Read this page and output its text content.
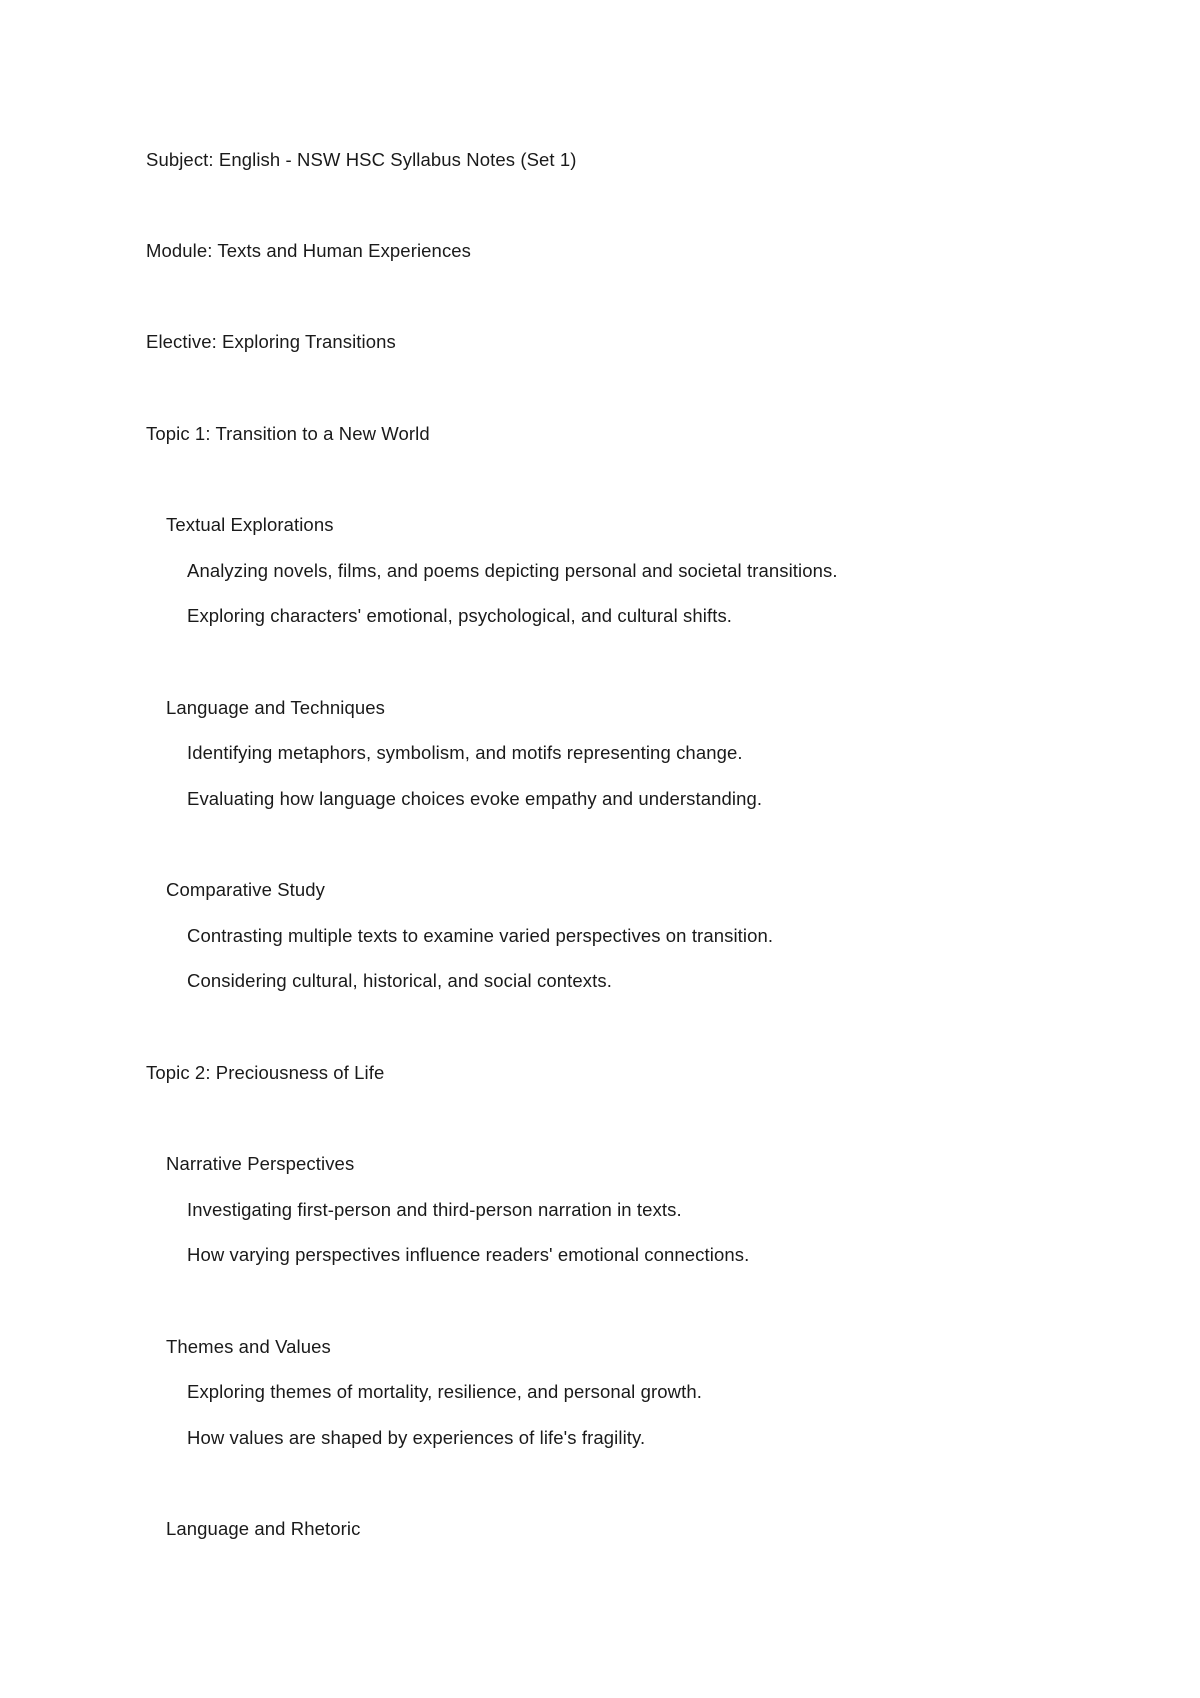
Subject: English - NSW HSC Syllabus Notes (Set 1)
Module: Texts and Human Experiences
Elective: Exploring Transitions
Topic 1: Transition to a New World
Textual Explorations
Analyzing novels, films, and poems depicting personal and societal transitions.
Exploring characters' emotional, psychological, and cultural shifts.
Language and Techniques
Identifying metaphors, symbolism, and motifs representing change.
Evaluating how language choices evoke empathy and understanding.
Comparative Study
Contrasting multiple texts to examine varied perspectives on transition.
Considering cultural, historical, and social contexts.
Topic 2: Preciousness of Life
Narrative Perspectives
Investigating first-person and third-person narration in texts.
How varying perspectives influence readers' emotional connections.
Themes and Values
Exploring themes of mortality, resilience, and personal growth.
How values are shaped by experiences of life's fragility.
Language and Rhetoric
